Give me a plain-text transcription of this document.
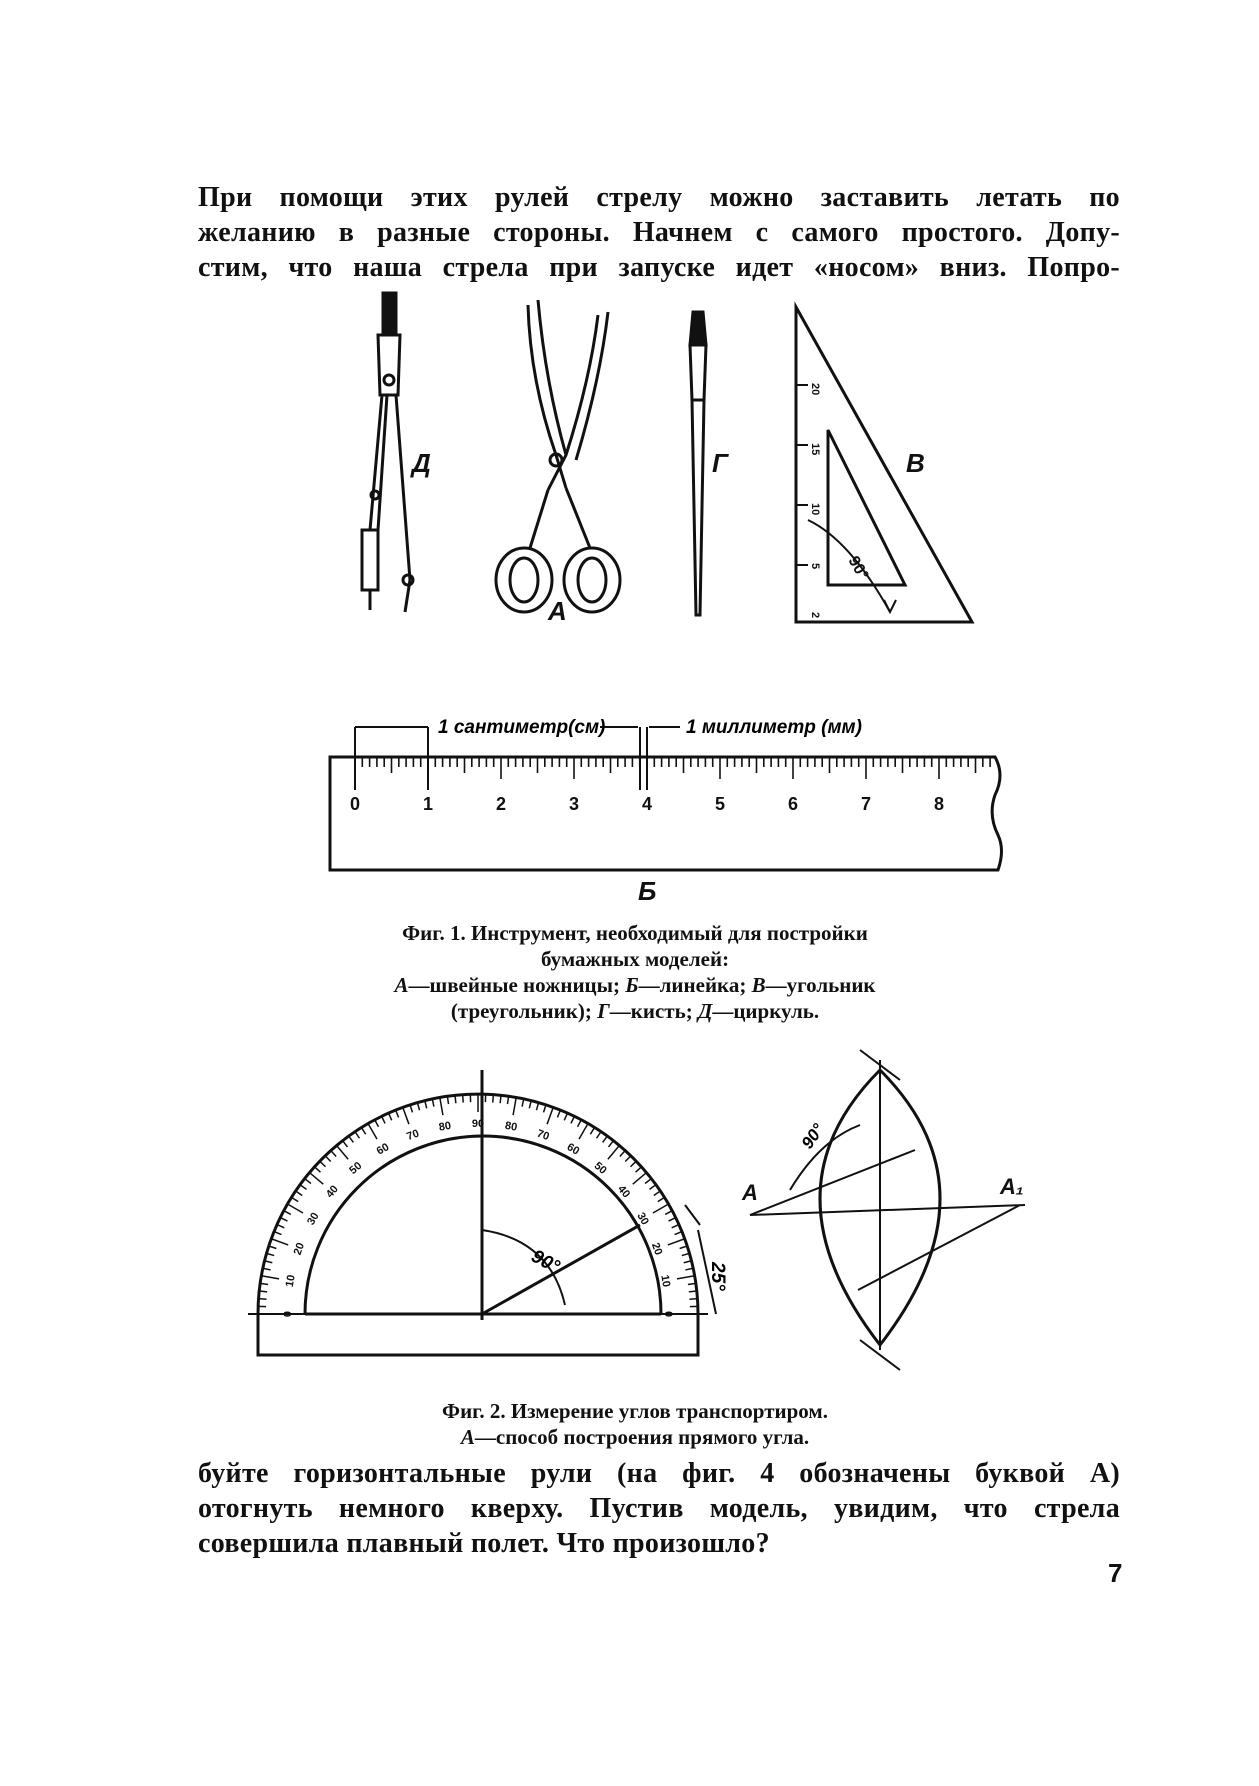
При помощи этих рулей стрелу можно заставить летать по
желанию в разные стороны. Начнем с самого простого. Допу-
стим, что наша стрела при запуске идет «носом» вниз. Попро-
Д
А
Г	В
Б
90°
20
15
10
5
2
1 сантиметр(см)	1 миллиметр (мм)
0	1	2	3	4	5	6	7	8
90°	25°
0
10
20
30
40
50
60
70
80 90 80
70
60
50
40
30
20
10
0
А	А₁
90°
Фиг. 1. Инструмент, необходимый для постройки
бумажных моделей:
А—швейные ножницы; Б—линейка; В—угольник
(треугольник); Г—кисть; Д—циркуль.
Фиг. 2. Измерение углов транспортиром.
А—способ построения прямого угла.
буйте горизонтальные рули (на фиг. 4 обозначены буквой А)
отогнуть немного кверху. Пустив модель, увидим, что стрела
совершила плавный полет. Что произошло?
7
